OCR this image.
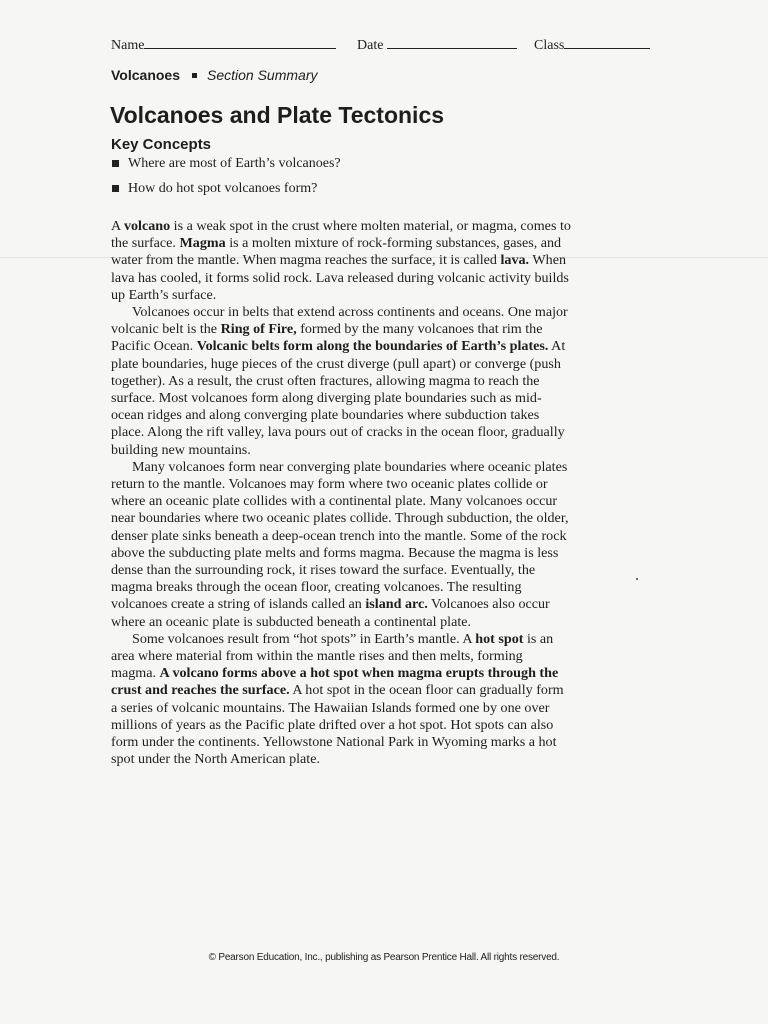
Name	Date	Class
Volcanoes Section Summary
Volcanoes and Plate Tectonics
Key Concepts
Where are most of Earth’s volcanoes?
How do hot spot volcanoes form?

A volcano is a weak spot in the crust where molten material, or magma, comes to the surface. Magma is a molten mixture of rock-forming substances, gases, and water from the mantle. When magma reaches the surface, it is called lava. When lava has cooled, it forms solid rock. Lava released during volcanic activity builds up Earth’s surface.

Volcanoes occur in belts that extend across continents and oceans. One major volcanic belt is the Ring of Fire, formed by the many volcanoes that rim the Pacific Ocean. Volcanic belts form along the boundaries of Earth’s plates. At plate boundaries, huge pieces of the crust diverge (pull apart) or converge (push together). As a result, the crust often fractures, allowing magma to reach the surface. Most volcanoes form along diverging plate boundaries such as mid-ocean ridges and along converging plate boundaries where subduction takes place. Along the rift valley, lava pours out of cracks in the ocean floor, gradually building new mountains.

Many volcanoes form near converging plate boundaries where oceanic plates return to the mantle. Volcanoes may form where two oceanic plates collide or where an oceanic plate collides with a continental plate. Many volcanoes occur near boundaries where two oceanic plates collide. Through subduction, the older, denser plate sinks beneath a deep-ocean trench into the mantle. Some of the rock above the subducting plate melts and forms magma. Because the magma is less dense than the surrounding rock, it rises toward the surface. Eventually, the magma breaks through the ocean floor, creating volcanoes. The resulting volcanoes create a string of islands called an island arc. Volcanoes also occur where an oceanic plate is subducted beneath a continental plate.

Some volcanoes result from “hot spots” in Earth’s mantle. A hot spot is an area where material from within the mantle rises and then melts, forming magma. A volcano forms above a hot spot when magma erupts through the crust and reaches the surface. A hot spot in the ocean floor can gradually form a series of volcanic mountains. The Hawaiian Islands formed one by one over millions of years as the Pacific plate drifted over a hot spot. Hot spots can also form under the continents. Yellowstone National Park in Wyoming marks a hot spot under the North American plate.

© Pearson Education, Inc., publishing as Pearson Prentice Hall. All rights reserved.
